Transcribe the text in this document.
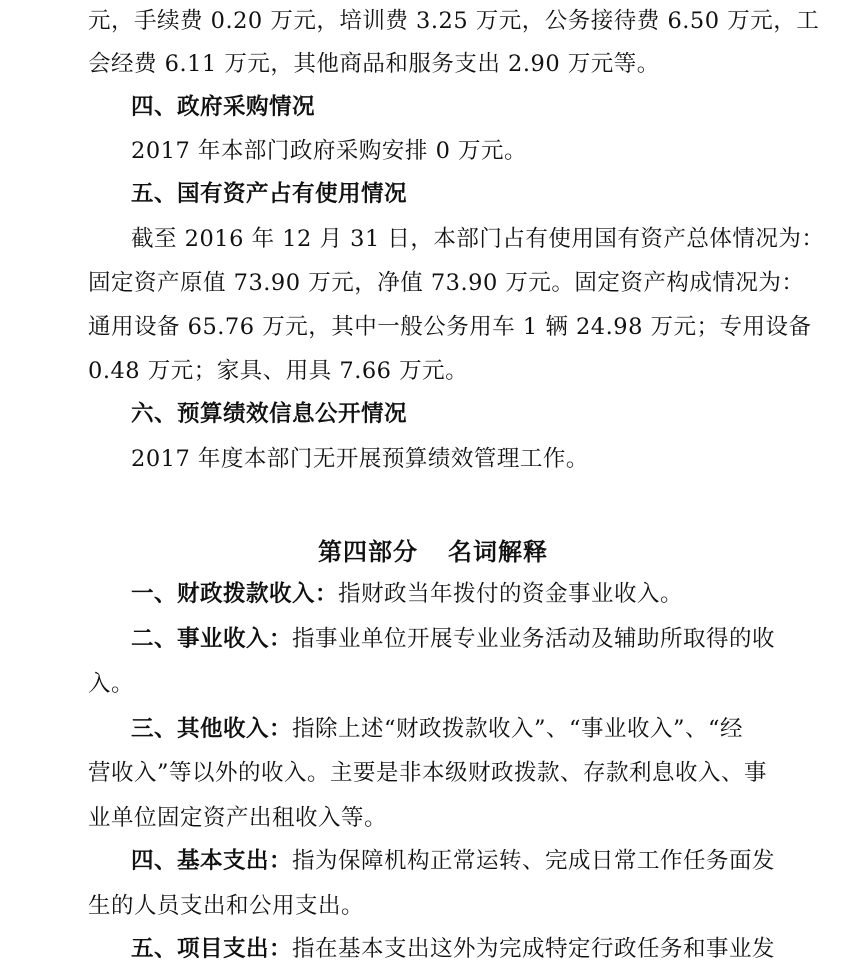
元，手续费 0.20 万元，培训费 3.25 万元，公务接待费 6.50 万元，工
会经费 6.11 万元，其他商品和服务支出 2.90 万元等。
四、政府采购情况
2017 年本部门政府采购安排 0 万元。
五、国有资产占有使用情况
截至 2016 年 12 月 31 日，本部门占有使用国有资产总体情况为：
固定资产原值 73.90 万元，净值 73.90 万元。固定资产构成情况为：
通用设备 65.76 万元，其中一般公务用车 1 辆 24.98 万元；专用设备
0.48 万元；家具、用具 7.66 万元。
六、预算绩效信息公开情况
2017 年度本部门无开展预算绩效管理工作。
第四部分 名词解释
一、财政拨款收入：指财政当年拨付的资金事业收入。
二、事业收入：指事业单位开展专业业务活动及辅助所取得的收
入。
三、其他收入：指除上述“财政拨款收入”、“事业收入”、“经
营收入”等以外的收入。主要是非本级财政拨款、存款利息收入、事
业单位固定资产出租收入等。
四、基本支出：指为保障机构正常运转、完成日常工作任务面发
生的人员支出和公用支出。
五、项目支出：指在基本支出这外为完成特定行政任务和事业发
